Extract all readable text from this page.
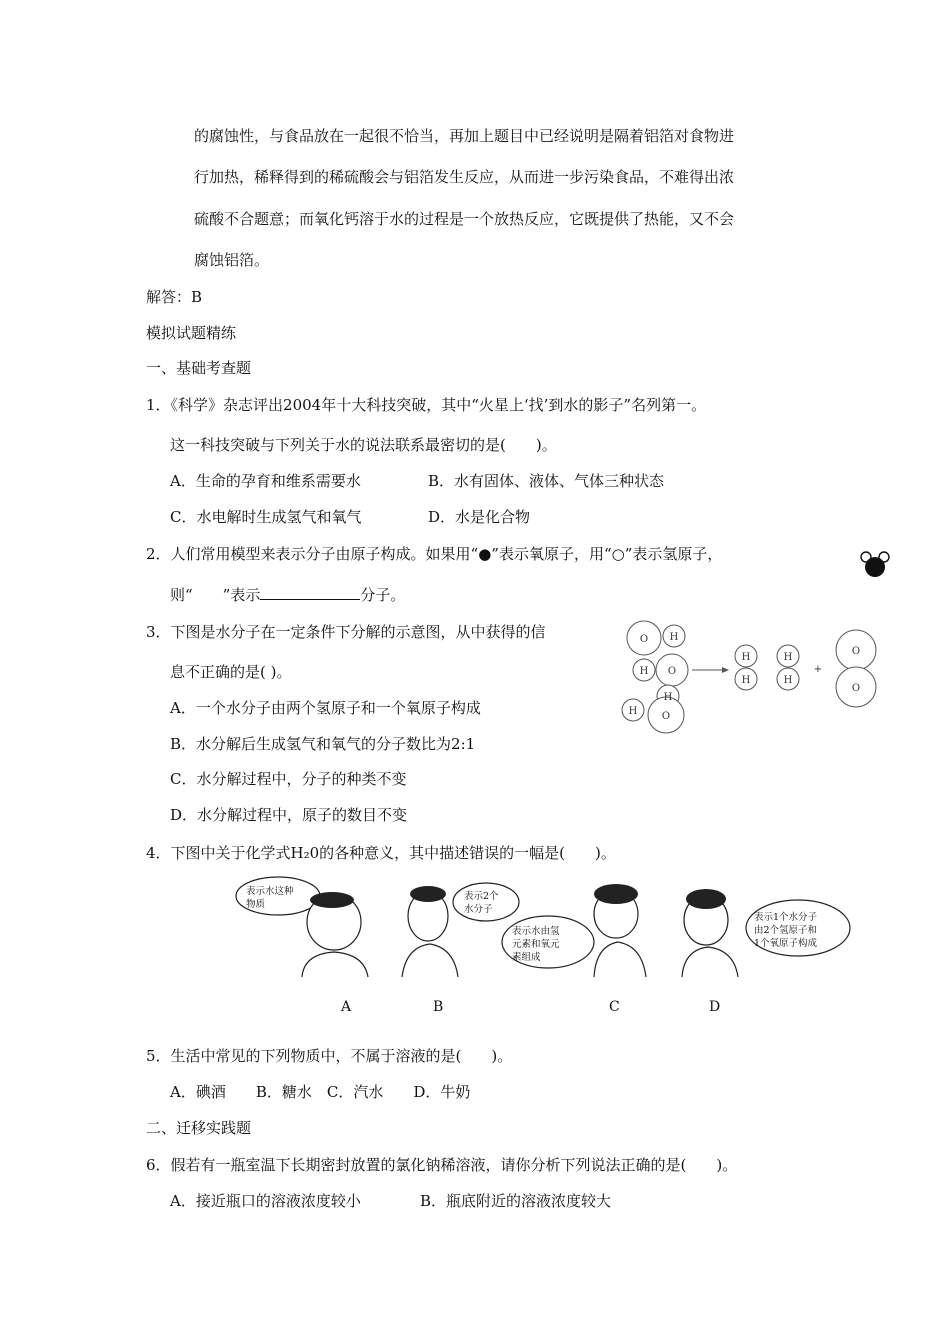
的腐蚀性，与食品放在一起很不恰当，再加上题目中已经说明是隔着铝箔对食物进
行加热，稀释得到的稀硫酸会与铝箔发生反应，从而进一步污染食品，不难得出浓
硫酸不合题意；而氧化钙溶于水的过程是一个放热反应，它既提供了热能，又不会
腐蚀铝箔。
解答：B
模拟试题精练
一、基础考查题
1．《科学》杂志评出2004年十大科技突破，其中“火星上‘找’到水的影子”名列第一。
这一科技突破与下列关于水的说法联系最密切的是(　　)。
A．生命的孕育和维系需要水	B．水有固体、液体、气体三种状态
C．水电解时生成氢气和氧气	D．水是化合物
2．人们常用模型来表示分子由原子构成。如果用“●”表示氧原子，用“○”表示氢原子，
则“　　”表示	分子。
3．下图是水分子在一定条件下分解的示意图，从中获得的信
息不正确的是( )。
A．一个水分子由两个氢原子和一个氧原子构成
B．水分解后生成氢气和氧气的分子数比为2:1
C．水分解过程中，分子的种类不变
D．水分解过程中，原子的数目不变
O H
H O
H
H O
H
H
H
H
O
O
+
4．下图中关于化学式H₂0的各种意义，其中描述错误的一幅是(　　)。
表示水这种
物质
表示2个
水分子
表示水由氢
元素和氧元
素组成
表示1个水分子
由2个氢原子和
1个氧原子构成
A	B	C	D
5．生活中常见的下列物质中，不属于溶液的是(　　)。
A．碘酒　　B．糖水　C．汽水　　D．牛奶
二、迁移实践题
6．假若有一瓶室温下长期密封放置的氯化钠稀溶液，请你分析下列说法正确的是(　　)。
A．接近瓶口的溶液浓度较小	B．瓶底附近的溶液浓度较大
